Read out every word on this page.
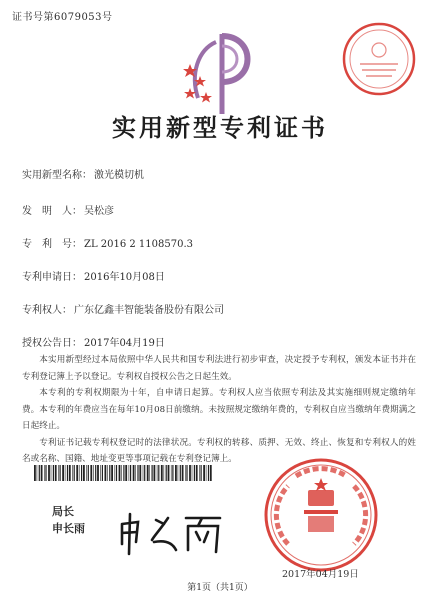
证书号第6079053号
实用新型专利证书
实用新型名称： 激光模切机
发　明　人： 吴松彦
专　利　号： ZL 2016 2 1108570.3
专利申请日： 2016年10月08日
专利权人： 广东亿鑫丰智能装备股份有限公司
授权公告日： 2017年04月19日

本实用新型经过本局依照中华人民共和国专利法进行初步审查，决定授予专利权，颁发本证书并在专利登记簿上予以登记。专利权自授权公告之日起生效。

本专利的专利权期限为十年，自申请日起算。专利权人应当依照专利法及其实施细则规定缴纳年费。本专利的年费应当在每年10月08日前缴纳。未按照规定缴纳年费的，专利权自应当缴纳年费期满之日起终止。

专利证书记载专利权登记时的法律状况。专利权的转移、质押、无效、终止、恢复和专利权人的姓名或名称、国籍、地址变更等事项记载在专利登记簿上。

局长
申长雨
2017年04月19日
第1页（共1页）
